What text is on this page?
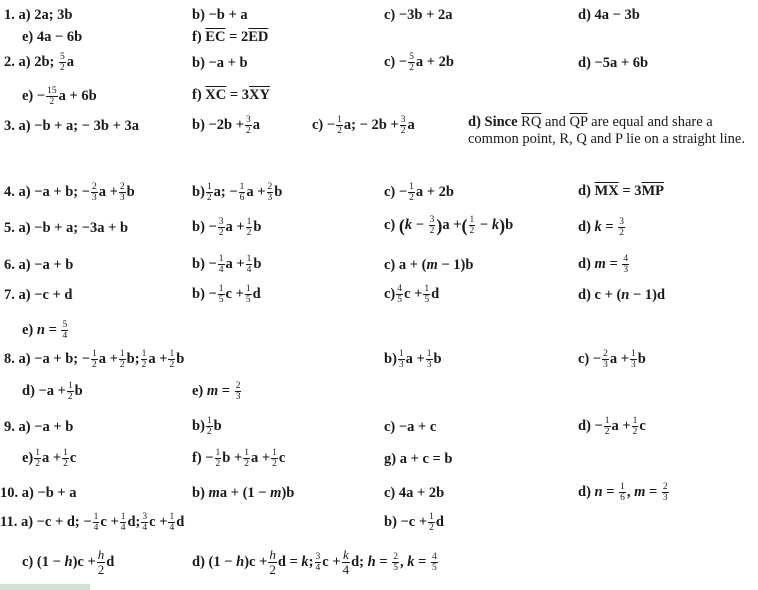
1. a) 2a; 3b	b) −b + a	c) −3b + 2a	d) 4a − 3b
e) 4a − 6b	f) $\overline{EC} = 2\overline{ED}$
2. a) 2b; $\frac{5}{2}$ a	b) −a + b	$c) - \frac{5}{2}$ a + 2b	d) −5a + 6b
$e) - \frac{15}{2}$ a + 6b	f) $\overline{XC} = 3\overline{XY}$
3. a) −b + a; − 3b + 3a	$b) -2b + \frac{3}{2}$ a	$c) - \frac{1}{2} a$; − $2b + \frac{3}{2}$ a	d) Since $\overline{RQ}$ and $\overline{QP}$ are equal and share a common point, R, Q and P lie on a straight line.
4. a) −a + b; − $\frac{2}{3}$ $a + \frac{2}{3}$ b	$b) \frac{1}{2} a$; − $\frac{1}{6}$ $a + \frac{2}{3}$ b	$c) - \frac{1}{2}$ a + 2b	d) $\overline{MX} = 3\overline{MP}$
5. a) −b + a; −3a + b	$b) - \frac{3}{2}$ $a + \frac{1}{2}$ b	c) $(k - \frac{3}{2} )a$ +( $\frac{1}{2} - k)b$	d) $k = \frac{3}{2}$
6. a) −a + b	$b) - \frac{1}{4}$ $a + \frac{1}{4}$ b	c) a + (m − 1)b	d) $m = \frac{4}{3}$
7. a) −c + d	$b) - \frac{1}{5}$ $c + \frac{1}{5}$ d	$c) \frac{4}{5}$ $c + \frac{1}{5}$ d	d) c + (n − 1)d
e) $n = \frac{5}{4}$
8. a) −a + b; − $\frac{1}{2}$ $a + \frac{1}{2} b$; $\frac{1}{2}$ $a + \frac{1}{2}$ b	$b) \frac{1}{3}$ $a + \frac{1}{3}$ b	$c) - \frac{2}{3}$ $a + \frac{1}{3}$ b
$d) -a + \frac{1}{2}$ b	e) $m = \frac{2}{3}$
9. a) −a + b	$b) \frac{1}{2}$ b	c) −a + c	$d) - \frac{1}{2}$ $a + \frac{1}{2}$ c
$e) \frac{1}{2}$ $a + \frac{1}{2}$ c	$f) - \frac{1}{2}$ $b + \frac{1}{2}$ $a + \frac{1}{2}$ c	g) a + c = b
10. a) −b + a	b) ma + (1 − m)b	c) 4a + 2b	d) $n = \frac{1}{6}$ , $m = \frac{2}{3}$
11. a) −c + d; − $\frac{1}{4}$ $c + \frac{1}{4} d$; $\frac{3}{4}$ $c + \frac{1}{4}$ d	$b) -c + \frac{1}{2}$ d
c) $(1 - h)c + \frac{h}{2}$ d	d) $(1 - h)c + \frac{h}{2}$ d = k; $\frac{3}{4}$ $c + \frac{k}{4} d$; $h = \frac{2}{5}$ , $k = \frac{4}{5}$
